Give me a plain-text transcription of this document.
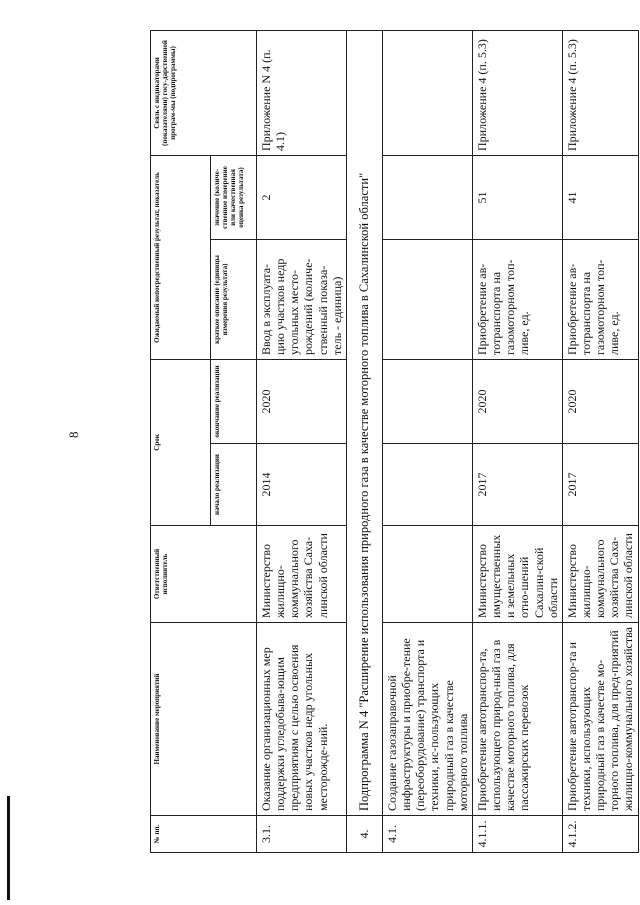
8
№ пп.	Наименование мероприятий	Ответственный исполнитель	Срок		Ожидаемый непосредственный результат, показатель		Связь с индикаторами (показателями) госу-дарственной програм-мы (подпрограммы)
			начало реализации	окончание реализации	краткое описание (единицы измерения результата)	значение (количе-ственное измерение или качественная оценка результата)	
3.1.	Оказание организационных мер поддержки угледобыва-ющим предприятиям с целью освоения новых участков недр угольных месторожде-ний.	Министерство жилищно-коммунального хозяйства Саха-линской области	2014	2020	Ввод в эксплуата-цию участков недр угольных место-рождений (количе-ственный показа-тель - единица)	2	Приложение N 4 (п. 4.1)
4.	Подпрограмма N 4 "Расширение использования природного газа в качестве моторного топлива в Сахалинской области"						
4.1.	Создание газозаправочной инфраструктуры и приобре-тение (переоборудование) транспорта и техники, ис-пользующих природный газ в качестве моторного топлива						
4.1.1.	Приобретение автотранспор-та, использующего природ-ный газ в качестве моторного топлива, для пассажирских перевозок	Министерство имущественных и земельных отно-шений Сахалин-ской области	2017	2020	Приобретение ав-тотранспорта на газомоторном топ-ливе, ед.	51	Приложение 4 (п. 5.3)
4.1.2.	Приобретение автотранспор-та и техники, использующих природный газ в качестве мо-торного топлива, для пред-приятий жилищно-коммунального хозяйства	Министерство жилищно-коммунального хозяйства Саха-линской области	2017	2020	Приобретение ав-тотранспорта на газомоторном топ-ливе, ед.	41	Приложение 4 (п. 5.3)
